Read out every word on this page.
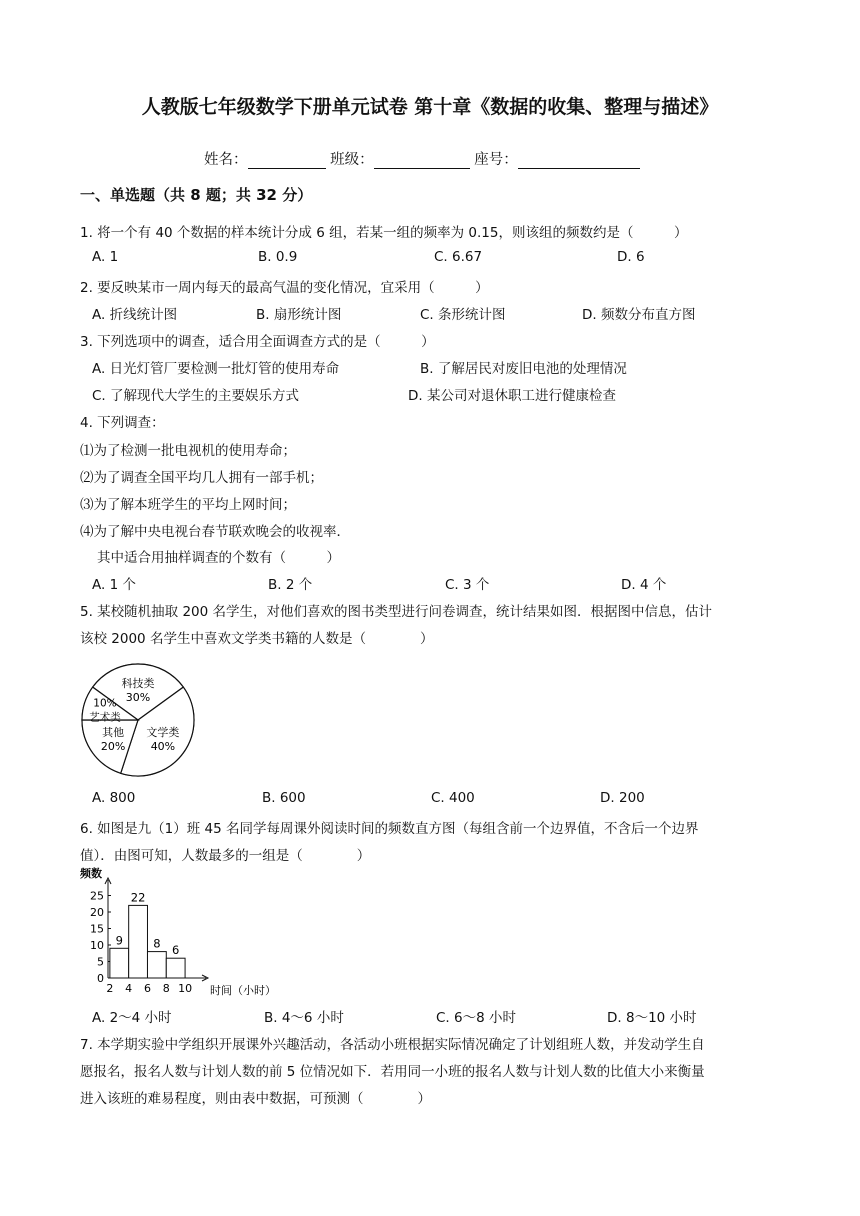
人教版七年级数学下册单元试卷 第十章《数据的收集、整理与描述》
姓名：	班级：	座号：
一、单选题（共 8 题；共 32 分）
1. 将一个有 40 个数据的样本统计分成 6 组，若某一组的频率为 0.15，则该组的频数约是（　　　）
A. 1	B. 0.9	C. 6.67	D. 6
2. 要反映某市一周内每天的最高气温的变化情况，宜采用（　　　）
A. 折线统计图	B. 扇形统计图	C. 条形统计图	D. 频数分布直方图
3. 下列选项中的调查，适合用全面调查方式的是（　　　）
A. 日光灯管厂要检测一批灯管的使用寿命	B. 了解居民对废旧电池的处理情况
C. 了解现代大学生的主要娱乐方式	D. 某公司对退休职工进行健康检查
4. 下列调查：
⑴为了检测一批电视机的使用寿命；
⑵为了调查全国平均几人拥有一部手机；
⑶为了解本班学生的平均上网时间；
⑷为了解中央电视台春节联欢晚会的收视率．
其中适合用抽样调查的个数有（　　　）
A. 1 个	B. 2 个	C. 3 个	D. 4 个
5. 某校随机抽取 200 名学生，对他们喜欢的图书类型进行问卷调查，统计结果如图．根据图中信息，估计
该校 2000 名学生中喜欢文学类书籍的人数是（　　　　）
科技类
30%
文学类
40%
其他
20%
10%
艺术类
A. 800	B. 600	C. 400	D. 200
6. 如图是九（1）班 45 名同学每周课外阅读时间的频数直方图（每组含前一个边界值，不含后一个边界
值）．由图可知，人数最多的一组是（　　　　）
0
5
10
15
20
25
频数
9
22
8 6
2 4 6 8 10 时间（小时）
A. 2～4 小时	B. 4～6 小时	C. 6～8 小时	D. 8～10 小时
7. 本学期实验中学组织开展课外兴趣活动，各活动小班根据实际情况确定了计划组班人数，并发动学生自
愿报名，报名人数与计划人数的前 5 位情况如下．若用同一小班的报名人数与计划人数的比值大小来衡量
进入该班的难易程度，则由表中数据，可预测（　　　　）
